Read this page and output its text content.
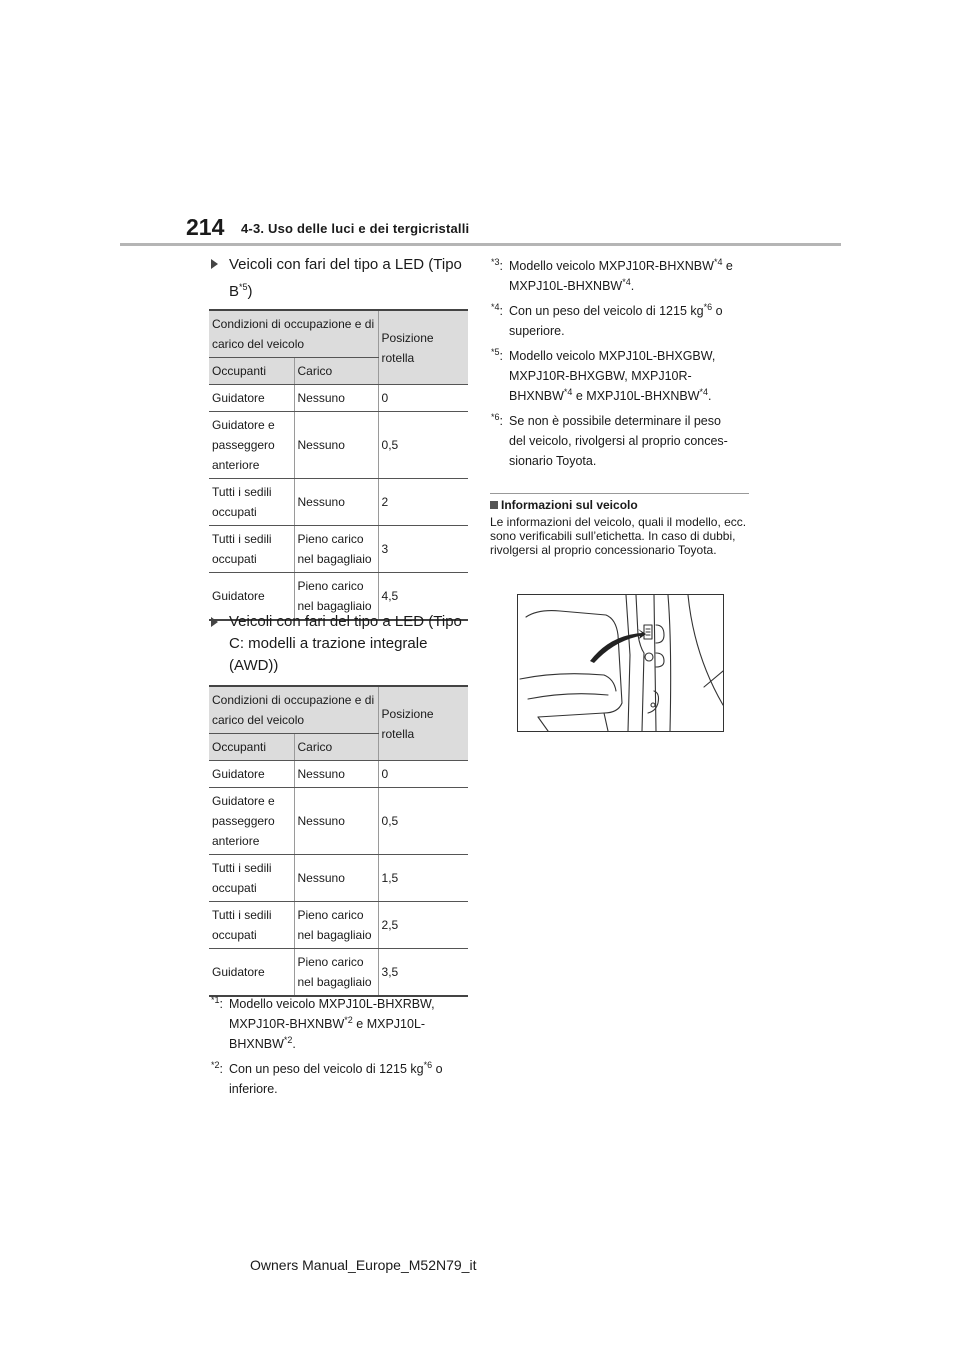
214 4-3. Uso delle luci e dei tergicristalli
Veicoli con fari del tipo a LED (Tipo
$B^{*5}$)
Condizioni di occupazione e di carico del veicolo		Posizione rotella
Occupanti	Carico	
Guidatore	Nessuno	0
Guidatore e passeggero anteriore	Nessuno	0,5
Tutti i sedili occupati	Nessuno	2
Tutti i sedili occupati	Pieno carico nel bagagliaio	3
Guidatore	Pieno carico nel bagagliaio	4,5
Veicoli con fari del tipo a LED (Tipo C: modelli a trazione integrale (AWD))
Condizioni di occupazione e di carico del veicolo		Posizione rotella
Occupanti	Carico	
Guidatore	Nessuno	0
Guidatore e passeggero anteriore	Nessuno	0,5
Tutti i sedili occupati	Nessuno	1,5
Tutti i sedili occupati	Pieno carico nel bagagliaio	2,5
Guidatore	Pieno carico nel bagagliaio	3,5
$^{*1}$: Modello veicolo MXPJ10L-BHXRBW,
MXPJ10R-BHXNBW$^{*2}$ e MXPJ10L-
BHXNBW$^{*2}$.
$^{*2}$: Con un peso del veicolo di 1215 $kg^{*6}$ o
inferiore.
$^{*3}$: Modello veicolo MXPJ10R-BHXNBW$^{*4}$ e
MXPJ10L-BHXNBW$^{*4}$.
$^{*4}$: Con un peso del veicolo di 1215 $kg^{*6}$ o
superiore.
$^{*5}$: Modello veicolo MXPJ10L-BHXGBW,
MXPJ10R-BHXGBW, MXPJ10R-
BHXNBW$^{*4}$ e MXPJ10L-BHXNBW$^{*4}$.
$^{*6}$: Se non è possibile determinare il peso
del veicolo, rivolgersi al proprio conces-
sionario Toyota.
Informazioni sul veicolo
Le informazioni del veicolo, quali il modello, ecc. sono verificabili sull’etichetta. In caso di dubbi, rivolgersi al proprio concessionario Toyota.
Owners Manual_Europe_M52N79_it
